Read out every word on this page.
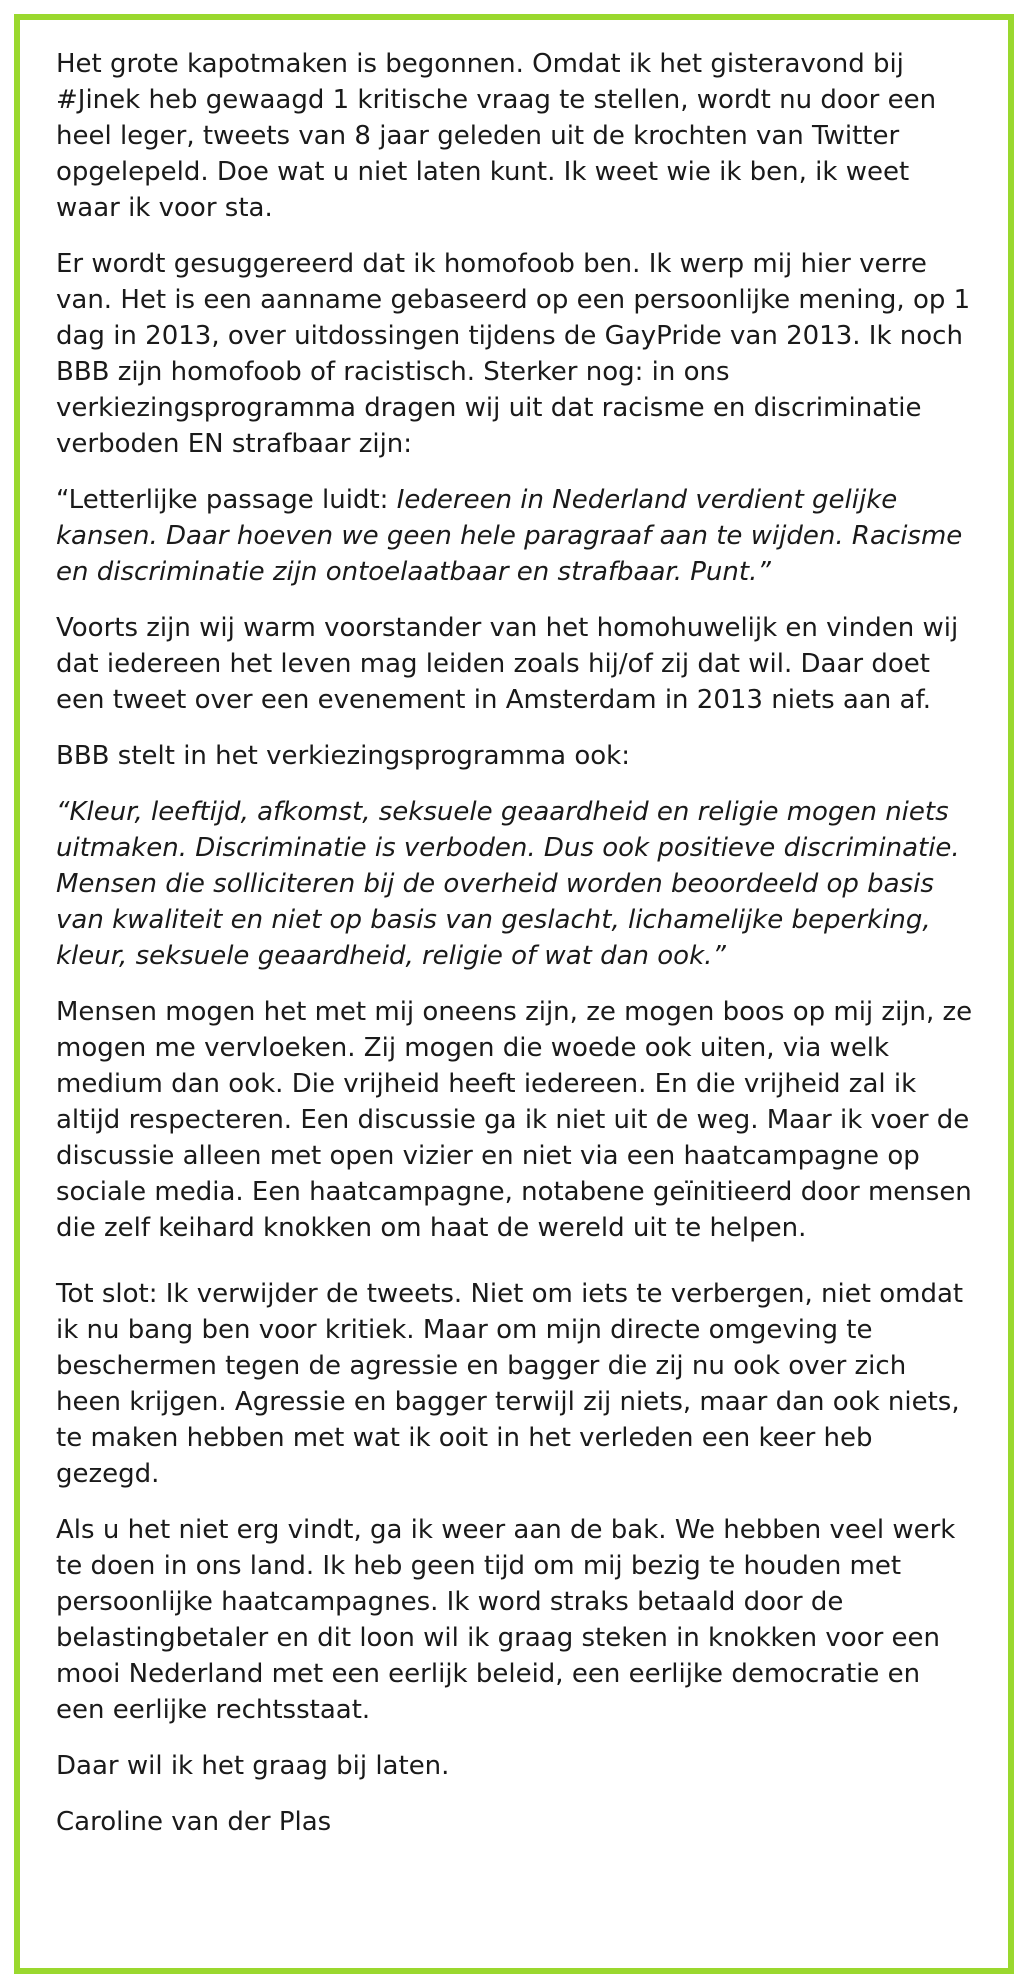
Het grote kapotmaken is begonnen. Omdat ik het gisteravond bij #Jinek heb gewaagd 1 kritische vraag te stellen, wordt nu door een heel leger, tweets van 8 jaar geleden uit de krochten van Twitter opgelepeld. Doe wat u niet laten kunt. Ik weet wie ik ben, ik weet waar ik voor sta.

Er wordt gesuggereerd dat ik homofoob ben. Ik werp mij hier verre van. Het is een aanname gebaseerd op een persoonlijke mening, op 1 dag in 2013, over uitdossingen tijdens de GayPride van 2013. Ik noch BBB zijn homofoob of racistisch. Sterker nog: in ons verkiezingsprogramma dragen wij uit dat racisme en discriminatie verboden EN strafbaar zijn:

“Letterlijke passage luidt: Iedereen in Nederland verdient gelijke kansen. Daar hoeven we geen hele paragraaf aan te wijden. Racisme en discriminatie zijn ontoelaatbaar en strafbaar. Punt.”

Voorts zijn wij warm voorstander van het homohuwelijk en vinden wij dat iedereen het leven mag leiden zoals hij/of zij dat wil. Daar doet een tweet over een evenement in Amsterdam in 2013 niets aan af.

BBB stelt in het verkiezingsprogramma ook:

“Kleur, leeftijd, afkomst, seksuele geaardheid en religie mogen niets uitmaken. Discriminatie is verboden. Dus ook positieve discriminatie. Mensen die solliciteren bij de overheid worden beoordeeld op basis van kwaliteit en niet op basis van geslacht, lichamelijke beperking, kleur, seksuele geaardheid, religie of wat dan ook.”

Mensen mogen het met mij oneens zijn, ze mogen boos op mij zijn, ze mogen me vervloeken. Zij mogen die woede ook uiten, via welk medium dan ook. Die vrijheid heeft iedereen. En die vrijheid zal ik altijd respecteren. Een discussie ga ik niet uit de weg. Maar ik voer de discussie alleen met open vizier en niet via een haatcampagne op sociale media. Een haatcampagne, notabene geïnitieerd door mensen die zelf keihard knokken om haat de wereld uit te helpen.

Tot slot: Ik verwijder de tweets. Niet om iets te verbergen, niet omdat ik nu bang ben voor kritiek. Maar om mijn directe omgeving te beschermen tegen de agressie en bagger die zij nu ook over zich heen krijgen. Agressie en bagger terwijl zij niets, maar dan ook niets, te maken hebben met wat ik ooit in het verleden een keer heb gezegd.

Als u het niet erg vindt, ga ik weer aan de bak. We hebben veel werk te doen in ons land. Ik heb geen tijd om mij bezig te houden met persoonlijke haatcampagnes. Ik word straks betaald door de belastingbetaler en dit loon wil ik graag steken in knokken voor een mooi Nederland met een eerlijk beleid, een eerlijke democratie en een eerlijke rechtsstaat.

Daar wil ik het graag bij laten.

Caroline van der Plas
